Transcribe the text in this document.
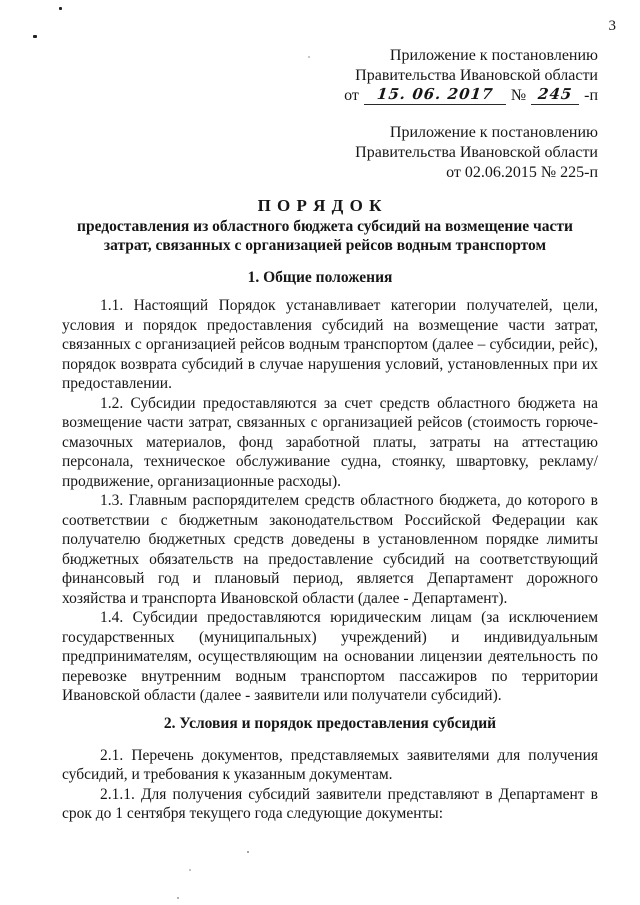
3
Приложение к постановлению
Правительства Ивановской области
от	15. 06. 2017	№ 245 -п
Приложение к постановлению
Правительства Ивановской области
от 02.06.2015 № 225-п
П О Р Я Д О К
предоставления из областного бюджета субсидий на возмещение части затрат, связанных с организацией рейсов водным транспортом
1. Общие положения

1.1. Настоящий Порядок устанавливает категории получателей, цели, условия и порядок предоставления субсидий на возмещение части затрат, связанных с организацией рейсов водным транспортом (далее – субсидии, рейс), порядок возврата субсидий в случае нарушения условий, установленных при их предоставлении.

1.2. Субсидии предоставляются за счет средств областного бюджета на возмещение части затрат, связанных с организацией рейсов (стоимость горюче-смазочных материалов, фонд заработной платы, затраты на аттестацию персонала, техническое обслуживание судна, стоянку, швартовку, рекламу/продвижение, организационные расходы).

1.3. Главным распорядителем средств областного бюджета, до которого в соответствии с бюджетным законодательством Российской Федерации как получателю бюджетных средств доведены в установленном порядке лимиты бюджетных обязательств на предоставление субсидий на соответствующий финансовый год и плановый период, является Департамент дорожного хозяйства и транспорта Ивановской области (далее - Департамент).

1.4. Субсидии предоставляются юридическим лицам (за исключением государственных (муниципальных) учреждений) и индивидуальным предпринимателям, осуществляющим на основании лицензии деятельность по перевозке внутренним водным транспортом пассажиров по территории Ивановской области (далее - заявители или получатели субсидий).

2. Условия и порядок предоставления субсидий

2.1. Перечень документов, представляемых заявителями для получения субсидий, и требования к указанным документам.

2.1.1. Для получения субсидий заявители представляют в Департамент в срок до 1 сентября текущего года следующие документы:
